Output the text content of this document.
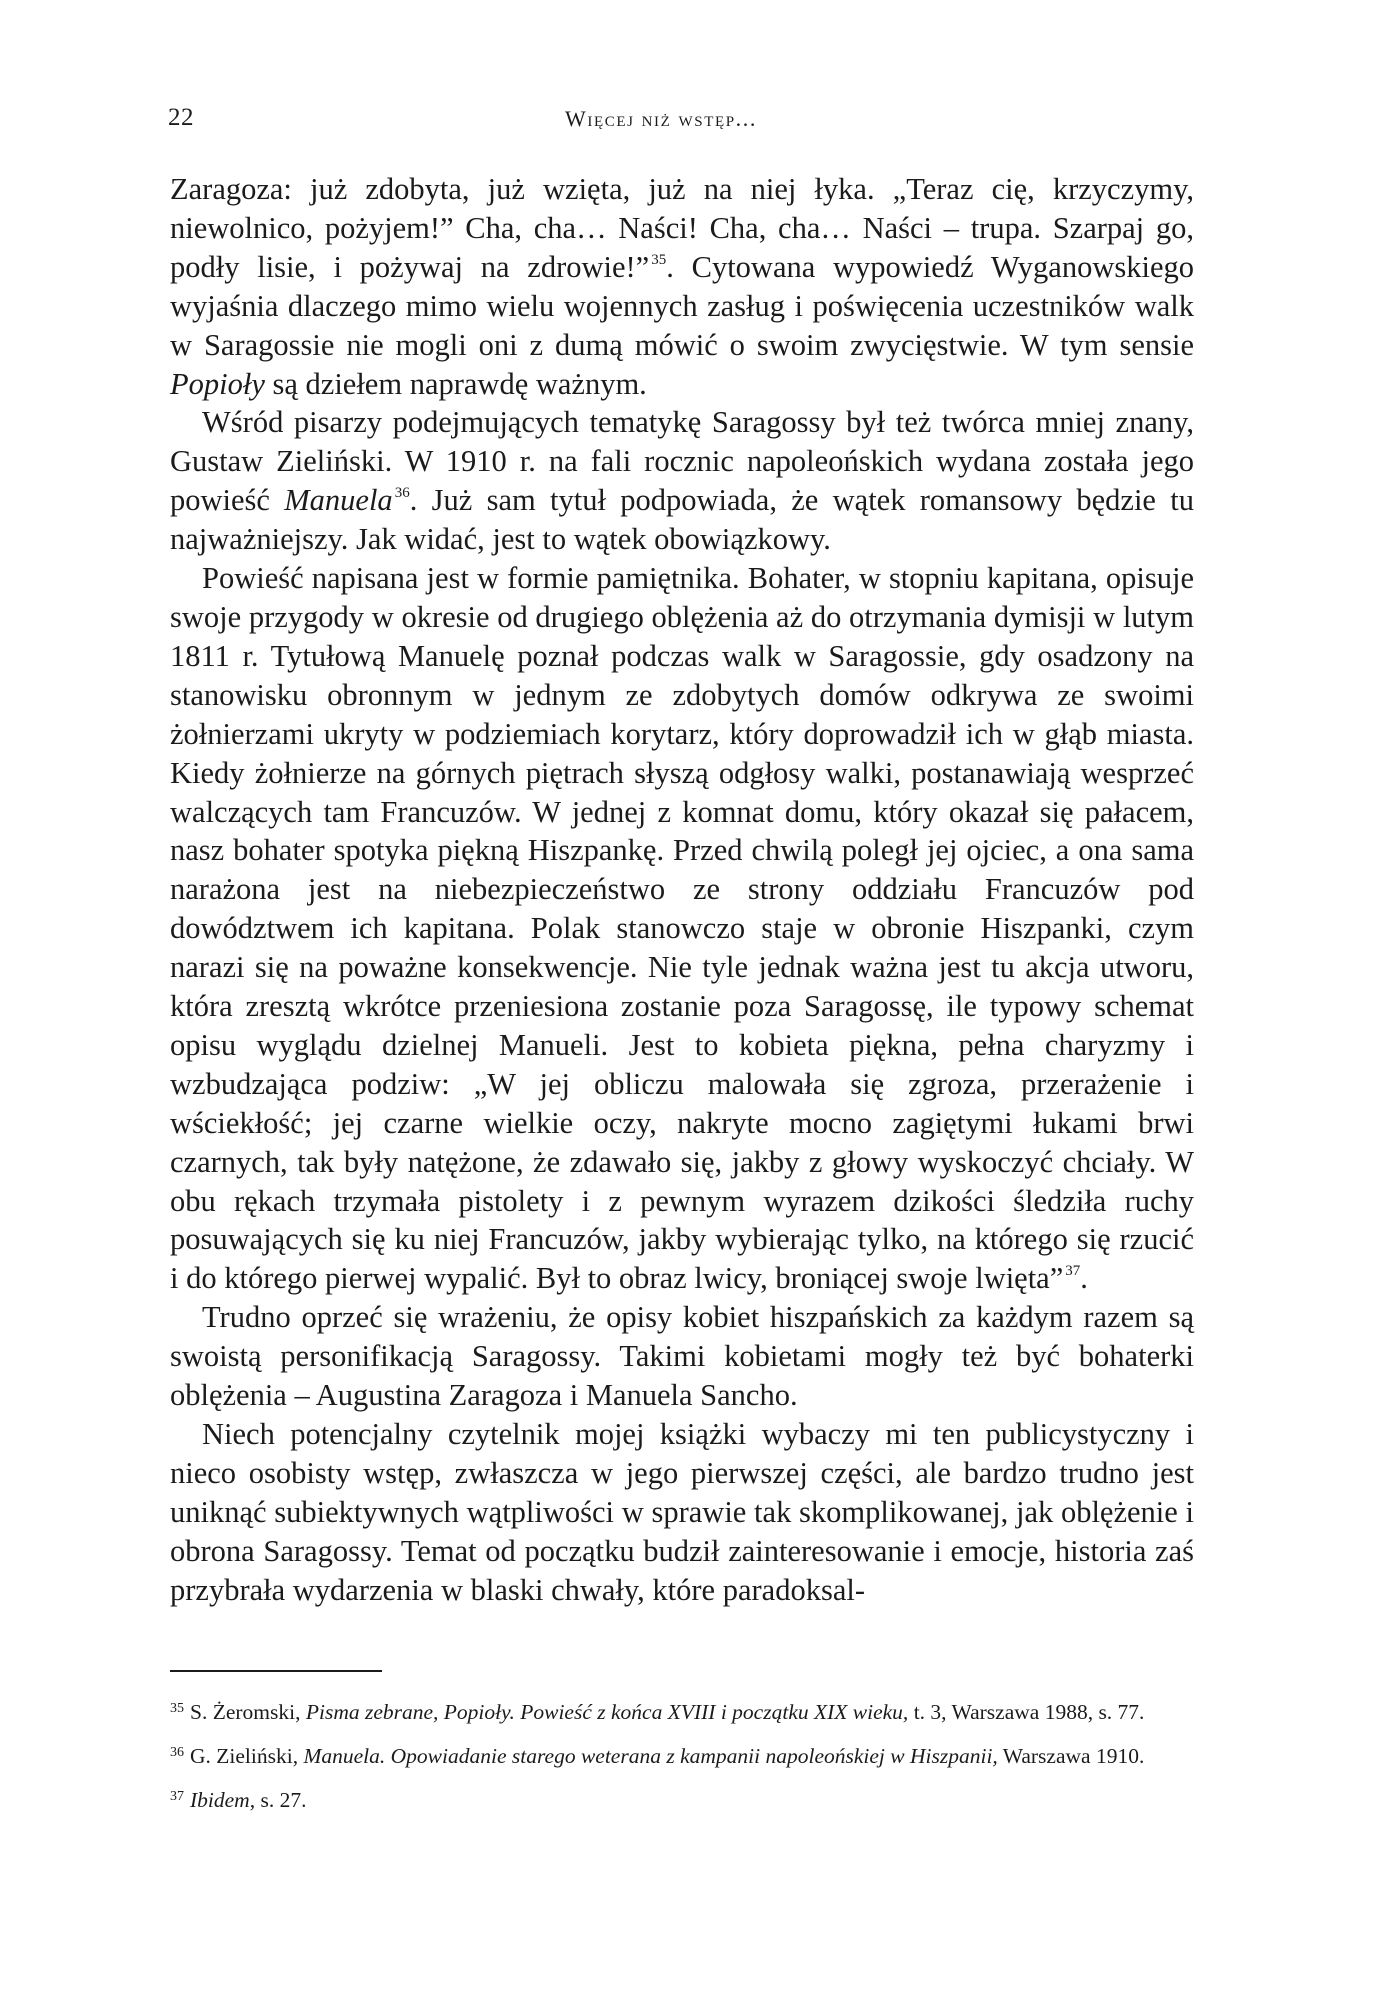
22	Więcej niż wstęp...

Zaragoza: już zdobyta, już wzięta, już na niej łyka. „Teraz cię, krzyczymy, niewolnico, pożyjem!” Cha, cha… Naści! Cha, cha… Naści – trupa. Szarpaj go, podły lisie, i pożywaj na zdrowie!” $^{35}$. Cytowana wypowiedź Wyganowskiego wyjaśnia dlaczego mimo wielu wojennych zasług i poświęcenia uczestników walk w Saragossie nie mogli oni z dumą mówić o swoim zwycięstwie. W tym sensie Popioły są dziełem naprawdę ważnym.

Wśród pisarzy podejmujących tematykę Saragossy był też twórca mniej znany, Gustaw Zieliński. W 1910 r. na fali rocznic napoleońskich wydana została jego powieść Manuela $^{36}$. Już sam tytuł podpowiada, że wątek romansowy będzie tu najważniejszy. Jak widać, jest to wątek obowiązkowy.

Powieść napisana jest w formie pamiętnika. Bohater, w stopniu kapitana, opisuje swoje przygody w okresie od drugiego oblężenia aż do otrzymania dymisji w lutym 1811 r. Tytułową Manuelę poznał podczas walk w Saragossie, gdy osadzony na stanowisku obronnym w jednym ze zdobytych domów odkrywa ze swoimi żołnierzami ukryty w podziemiach korytarz, który doprowadził ich w głąb miasta. Kiedy żołnierze na górnych piętrach słyszą odgłosy walki, postanawiają wesprzeć walczących tam Francuzów. W jednej z komnat domu, który okazał się pałacem, nasz bohater spotyka piękną Hiszpankę. Przed chwilą poległ jej ojciec, a ona sama narażona jest na niebezpieczeństwo ze strony oddziału Francuzów pod dowództwem ich kapitana. Polak stanowczo staje w obronie Hiszpanki, czym narazi się na poważne konsekwencje. Nie tyle jednak ważna jest tu akcja utworu, która zresztą wkrótce przeniesiona zostanie poza Saragossę, ile typowy schemat opisu wyglądu dzielnej Manueli. Jest to kobieta piękna, pełna charyzmy i wzbudzająca podziw: „W jej obliczu malowała się zgroza, przerażenie i wściekłość; jej czarne wielkie oczy, nakryte mocno zagiętymi łukami brwi czarnych, tak były natężone, że zdawało się, jakby z głowy wyskoczyć chciały. W obu rękach trzymała pistolety i z pewnym wyrazem dzikości śledziła ruchy posuwających się ku niej Francuzów, jakby wybierając tylko, na którego się rzucić i do którego pierwej wypalić. Był to obraz lwicy, broniącej swoje lwięta” $^{37}$.

Trudno oprzeć się wrażeniu, że opisy kobiet hiszpańskich za każdym razem są swoistą personifikacją Saragossy. Takimi kobietami mogły też być bohaterki oblężenia – Augustina Zaragoza i Manuela Sancho.

Niech potencjalny czytelnik mojej książki wybaczy mi ten publicystyczny i nieco osobisty wstęp, zwłaszcza w jego pierwszej części, ale bardzo trudno jest uniknąć subiektywnych wątpliwości w sprawie tak skomplikowanej, jak oblężenie i obrona Saragossy. Temat od początku budził zainteresowanie i emocje, historia zaś przybrała wydarzenia w blaski chwały, które paradoksal-

$^{35}$ S. Żeromski, Pisma zebrane, Popioły. Powieść z końca XVIII i początku XIX wieku, t. 3, Warszawa 1988, s. 77.

$^{36}$ G. Zieliński, Manuela. Opowiadanie starego weterana z kampanii napoleońskiej w Hiszpanii, Warszawa 1910.

$^{37}$ Ibidem, s. 27.
